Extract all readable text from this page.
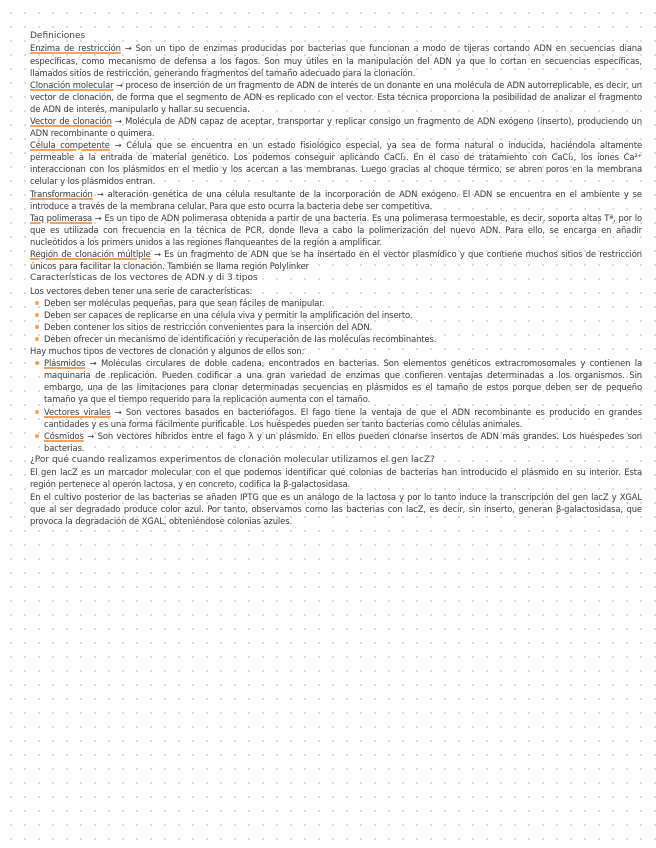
Definiciones

Enzima de restricción → Son un tipo de enzimas producidas por bacterias que funcionan a modo de tijeras cortando ADN en secuencias diana específicas, como mecanismo de defensa a los fagos. Son muy útiles en la manipulación del ADN ya que lo cortan en secuencias específicas, llamados sitios de restricción, generando fragmentos del tamaño adecuado para la clonación.

Clonación molecular → proceso de inserción de un fragmento de ADN de interés de un donante en una molécula de ADN autorreplicable, es decir, un vector de clonación, de forma que el segmento de ADN es replicado con el vector. Esta técnica proporciona la posibilidad de analizar el fragmento de ADN de interés, manipularlo y hallar su secuencia.

Vector de clonación → Molécula de ADN capaz de aceptar, transportar y replicar consigo un fragmento de ADN exógeno (inserto), produciendo un ADN recombinante o quimera.

Célula competente → Célula que se encuentra en un estado fisiológico especial, ya sea de forma natural o inducida, haciéndola altamente permeable a la entrada de material genético. Los podemos conseguir aplicando CaCl₂. En el caso de tratamiento con CaCl₂, los iones Ca²⁺ interaccionan con los plásmidos en el medio y los acercan a las membranas. Luego gracias al choque térmico, se abren poros en la membrana celular y los plásmidos entran.

Transformación → alteración genética de una célula resultante de la incorporación de ADN exógeno. El ADN se encuentra en el ambiente y se introduce a través de la membrana celular. Para que esto ocurra la bacteria debe ser competitiva.

Taq polimerasa → Es un tipo de ADN polimerasa obtenida a partir de una bacteria. Es una polimerasa termoestable, es decir, soporta altas Tª, por lo que es utilizada con frecuencia en la técnica de PCR, donde lleva a cabo la polimerización del nuevo ADN. Para ello, se encarga en añadir nucleótidos a los primers unidos a las regiones flanqueantes de la región a amplificar.

Región de clonación múltiple → Es un fragmento de ADN que se ha insertado en el vector plasmídico y que contiene muchos sitios de restricción únicos para facilitar la clonación. También se llama región Polylinker

Características de los vectores de ADN y di 3 tipos

Los vectores deben tener una serie de características:

Deben ser moléculas pequeñas, para que sean fáciles de manipular.
Deben ser capaces de replicarse en una célula viva y permitir la amplificación del inserto.
Deben contener los sitios de restricción convenientes para la inserción del ADN.
Deben ofrecer un mecanismo de identificación y recuperación de las moléculas recombinantes.

Hay muchos tipos de vectores de clonación y algunos de ellos son:

Plásmidos → Moléculas circulares de doble cadena, encontrados en bacterias. Son elementos genéticos extracromosomales y contienen la maquinaria de replicación. Pueden codificar a una gran variedad de enzimas que confieren ventajas determinadas a los organismos. Sin embargo, una de las limitaciones para clonar determinadas secuencias en plásmidos es el tamaño de estos porque deben ser de pequeño tamaño ya que el tiempo requerido para la replicación aumenta con el tamaño.
Vectores virales → Son vectores basados en bacteriófagos. El fago tiene la ventaja de que el ADN recombinante es producido en grandes cantidades y es una forma fácilmente purificable. Los huéspedes pueden ser tanto bacterias como células animales.
Cósmidos → Son vectores híbridos entre el fago λ y un plásmido. En ellos pueden clonarse insertos de ADN más grandes. Los huéspedes son bacterias.

¿Por qué cuando realizamos experimentos de clonación molecular utilizamos el gen lacZ?

El gen lacZ es un marcador molecular con el que podemos identificar qué colonias de bacterias han introducido el plásmido en su interior. Esta región pertenece al operón lactosa, y en concreto, codifica la β-galactosidasa.

En el cultivo posterior de las bacterias se añaden IPTG que es un análogo de la lactosa y por lo tanto induce la transcripción del gen lacZ y XGAL que al ser degradado produce color azul. Por tanto, observamos como las bacterias con lacZ, es decir, sin inserto, generan β-galactosidasa, que provoca la degradación de XGAL, obteniéndose colonias azules.
